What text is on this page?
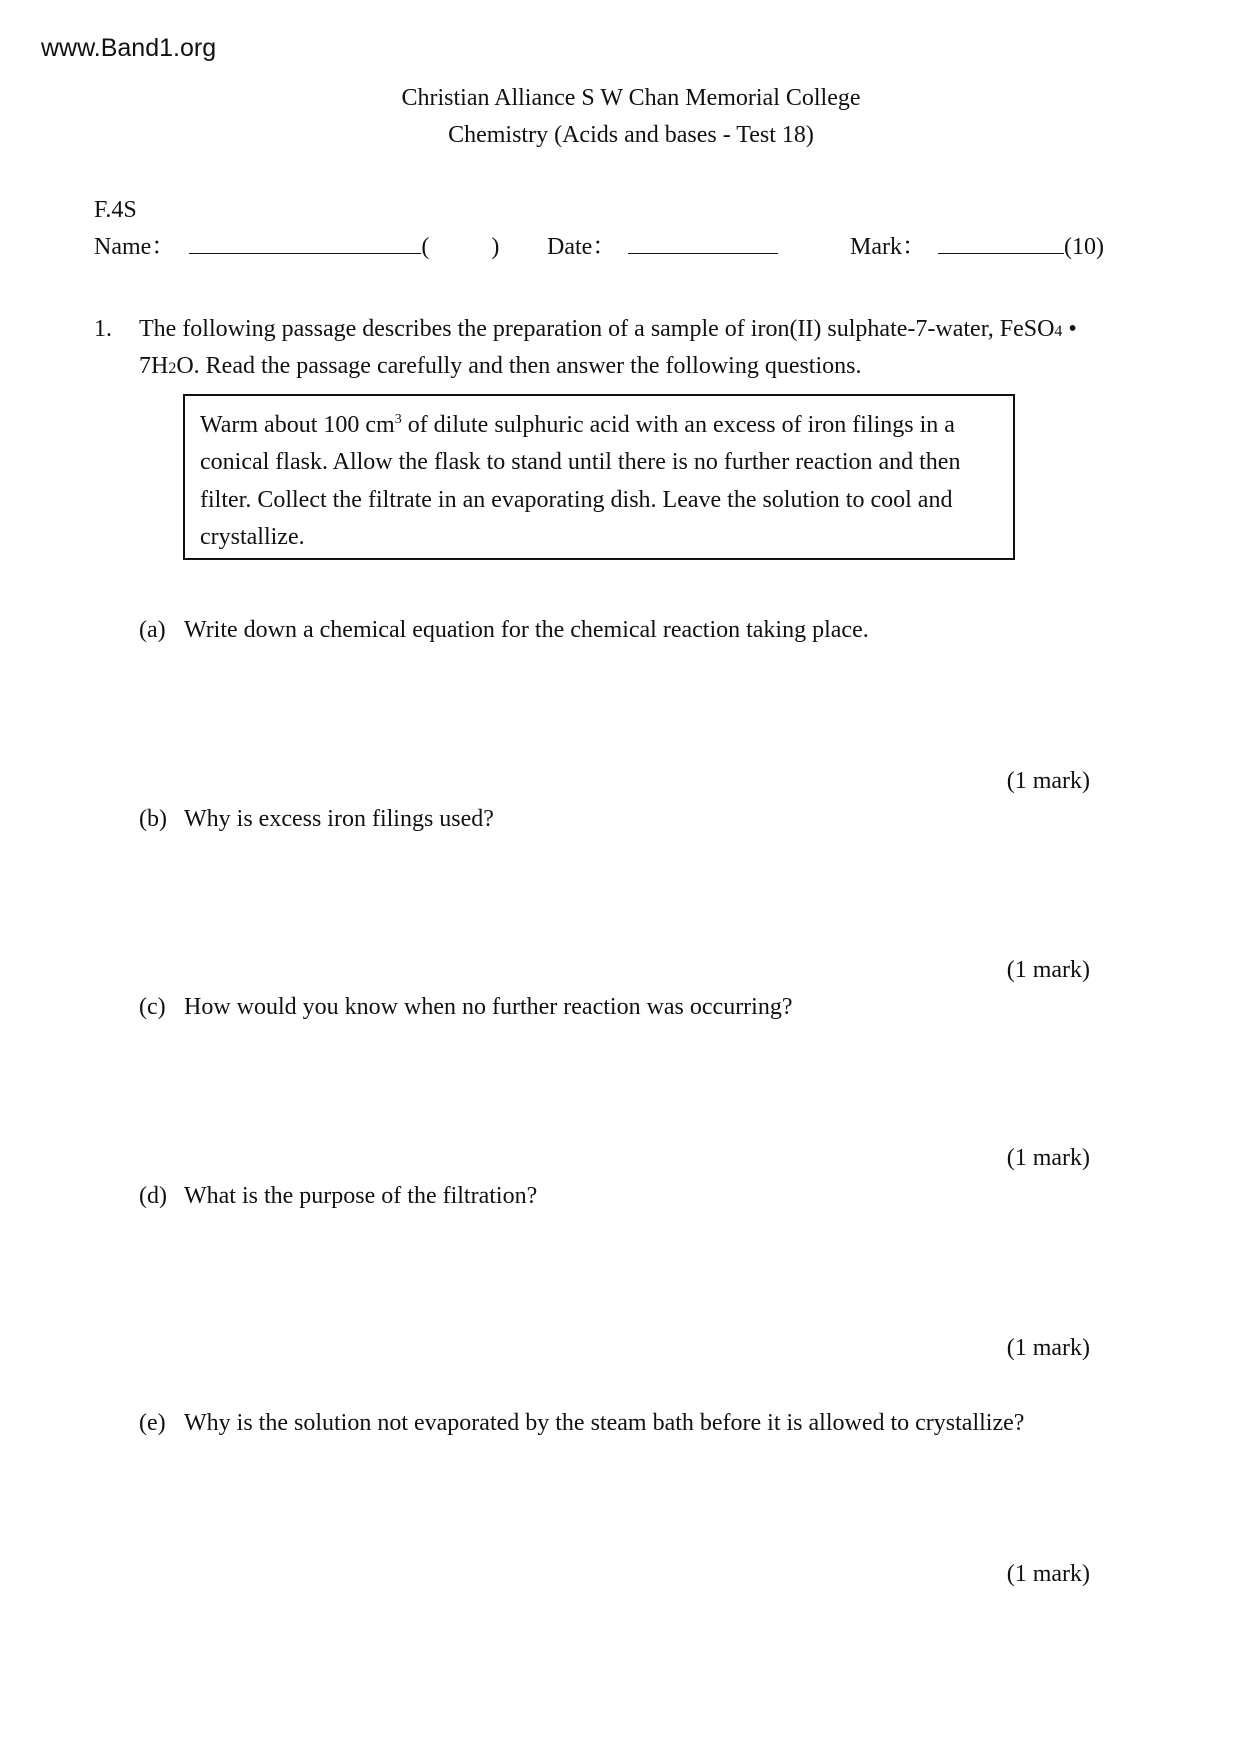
www.Band1.org
Christian Alliance S W Chan Memorial College
Chemistry (Acids and bases - Test 18)
F.4S
Name：	(	) Date：	Mark：	(10)
1. The following passage describes the preparation of a sample of iron(II) sulphate-7-water, FeSO4 •
7H2O. Read the passage carefully and then answer the following questions.
Warm about 100 $cm^3$ of dilute sulphuric acid with an excess of iron filings in a
conical flask. Allow the flask to stand until there is no further reaction and then
filter. Collect the filtrate in an evaporating dish. Leave the solution to cool and
crystallize.
(a) Write down a chemical equation for the chemical reaction taking place.
(1 mark)
(b) Why is excess iron filings used?
(1 mark)
(c) How would you know when no further reaction was occurring?
(1 mark)
(d) What is the purpose of the filtration?
(1 mark)
(e) Why is the solution not evaporated by the steam bath before it is allowed to crystallize?
(1 mark)
